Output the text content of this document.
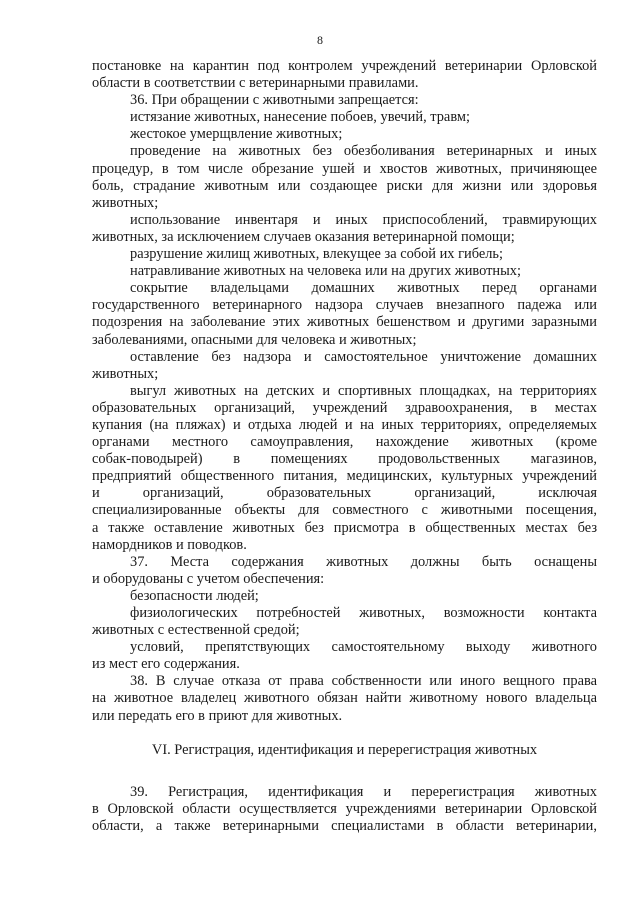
8
постановке на карантин под контролем учреждений ветеринарии Орловской
области в соответствии с ветеринарными правилами.
36. При обращении с животными запрещается:
истязание животных, нанесение побоев, увечий, травм;
жестокое умерщвление животных;
проведение на животных без обезболивания ветеринарных и иных
процедур, в том числе обрезание ушей и хвостов животных, причиняющее
боль, страдание животным или создающее риски для жизни или здоровья
животных;
использование инвентаря и иных приспособлений, травмирующих
животных, за исключением случаев оказания ветеринарной помощи;
разрушение жилищ животных, влекущее за собой их гибель;
натравливание животных на человека или на других животных;
сокрытие владельцами домашних животных перед органами
государственного ветеринарного надзора случаев внезапного падежа или
подозрения на заболевание этих животных бешенством и другими заразными
заболеваниями, опасными для человека и животных;
оставление без надзора и самостоятельное уничтожение домашних
животных;
выгул животных на детских и спортивных площадках, на территориях
образовательных организаций, учреждений здравоохранения, в местах
купания (на пляжах) и отдыха людей и на иных территориях, определяемых
органами местного самоуправления, нахождение животных (кроме
собак-поводырей) в помещениях продовольственных магазинов,
предприятий общественного питания, медицинских, культурных учреждений
и организаций, образовательных организаций, исключая
специализированные объекты для совместного с животными посещения,
а также оставление животных без присмотра в общественных местах без
намордников и поводков.
37. Места содержания животных должны быть оснащены
и оборудованы с учетом обеспечения:
безопасности людей;
физиологических потребностей животных, возможности контакта
животных с естественной средой;
условий, препятствующих самостоятельному выходу животного
из мест его содержания.
38. В случае отказа от права собственности или иного вещного права
на животное владелец животного обязан найти животному нового владельца
или передать его в приют для животных.
VI. Регистрация, идентификация и перерегистрация животных
39. Регистрация, идентификация и перерегистрация животных
в Орловской области осуществляется учреждениями ветеринарии Орловской
области, а также ветеринарными специалистами в области ветеринарии,
